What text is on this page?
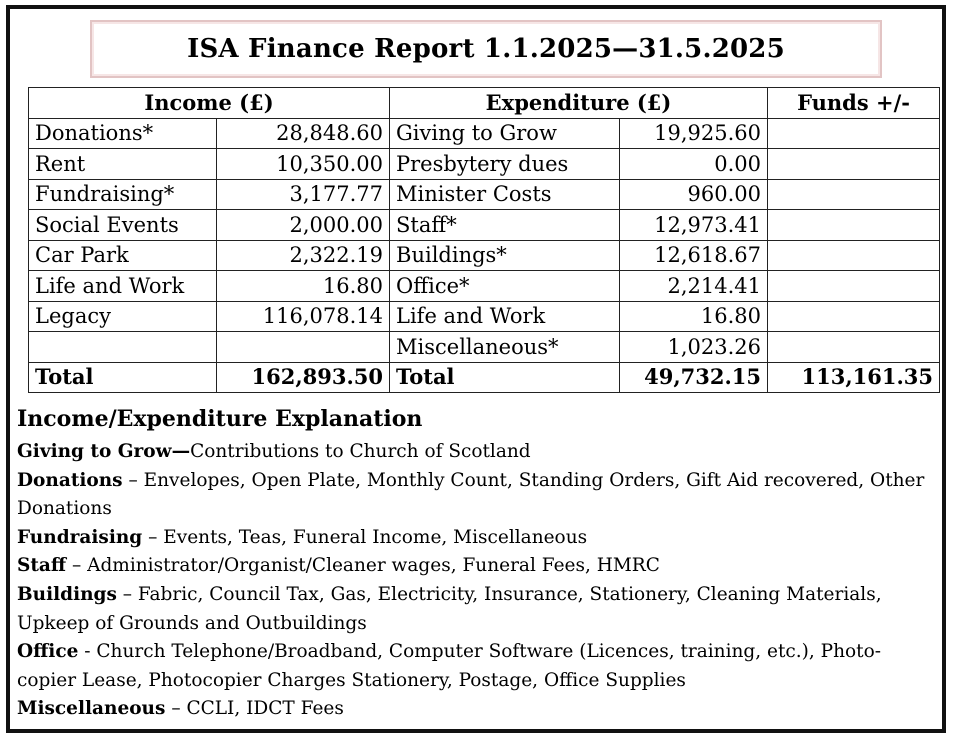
ISA Finance Report 1.1.2025—31.5.2025
Income (£)		Expenditure (£)		Funds +/-
Donations*	28,848.60	Giving to Grow	19,925.60	
Rent	10,350.00	Presbytery dues	0.00	
Fundraising*	3,177.77	Minister Costs	960.00	
Social Events	2,000.00	Staff*	12,973.41	
Car Park	2,322.19	Buildings*	12,618.67	
Life and Work	16.80	Office*	2,214.41	
Legacy	116,078.14	Life and Work	16.80	
		Miscellaneous*	1,023.26	
Total	162,893.50	Total	49,732.15	113,161.35
Income/Expenditure Explanation
Giving to Grow—Contributions to Church of Scotland
Donations – Envelopes, Open Plate, Monthly Count, Standing Orders, Gift Aid recovered, Other Donations
Fundraising – Events, Teas, Funeral Income, Miscellaneous
Staff – Administrator/Organist/Cleaner wages, Funeral Fees, HMRC
Buildings – Fabric, Council Tax, Gas, Electricity, Insurance, Stationery, Cleaning Materials, Upkeep of Grounds and Outbuildings
Office - Church Telephone/Broadband, Computer Software (Licences, training, etc.), Photo-copier Lease, Photocopier Charges Stationery, Postage, Office Supplies
Miscellaneous – CCLI, IDCT Fees
